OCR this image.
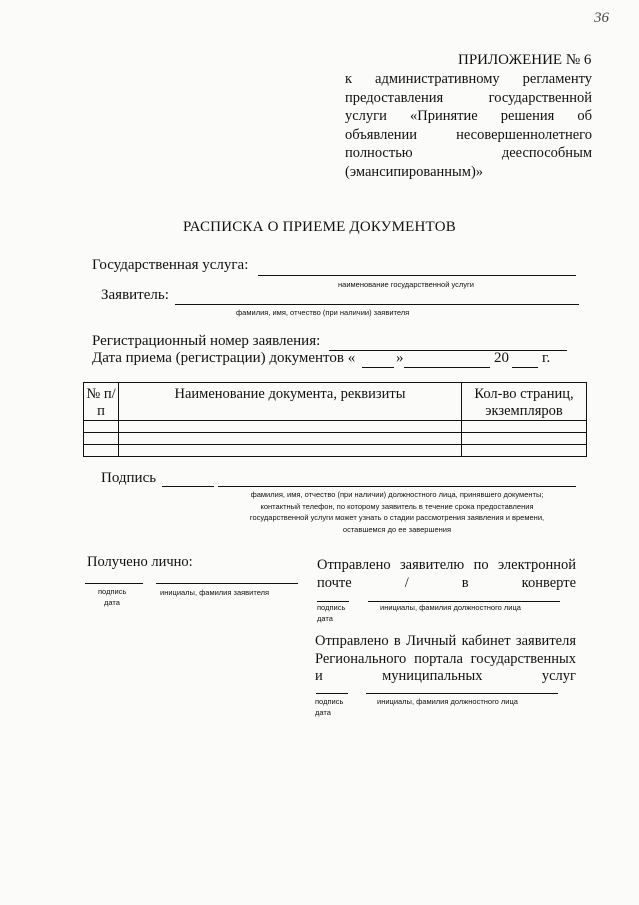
36
ПРИЛОЖЕНИЕ № 6
к административному регламенту
предоставления государственной
услуги «Принятие решения об
объявлении несовершеннолетнего
полностью дееспособным
(эмансипированным)»
РАСПИСКА О ПРИЕМЕ ДОКУМЕНТОВ
Государственная услуга:
наименование государственной услуги
Заявитель:
фамилия, имя, отчество (при наличии) заявителя
Регистрационный номер заявления:
Дата приема (регистрации) документов «	»	20 г.
№ п/п	Наименование документа, реквизиты	Кол-во страниц, экземпляров

Подпись
фамилия, имя, отчество (при наличии) должностного лица, принявшего документы;
контактный телефон, по которому заявитель в течение срока предоставления
государственной услуги может узнать о стадии рассмотрения заявления и времени,
оставшемся до ее завершения
Получено лично:
подпись
дата
инициалы, фамилия заявителя
Отправлено заявителю по электронной почте / в конверте
подпись
дата
инициалы, фамилия должностного лица
Отправлено в Личный кабинет заявителя Регионального портала государственных и муниципальных услуг
подпись
дата
инициалы, фамилия должностного лица
